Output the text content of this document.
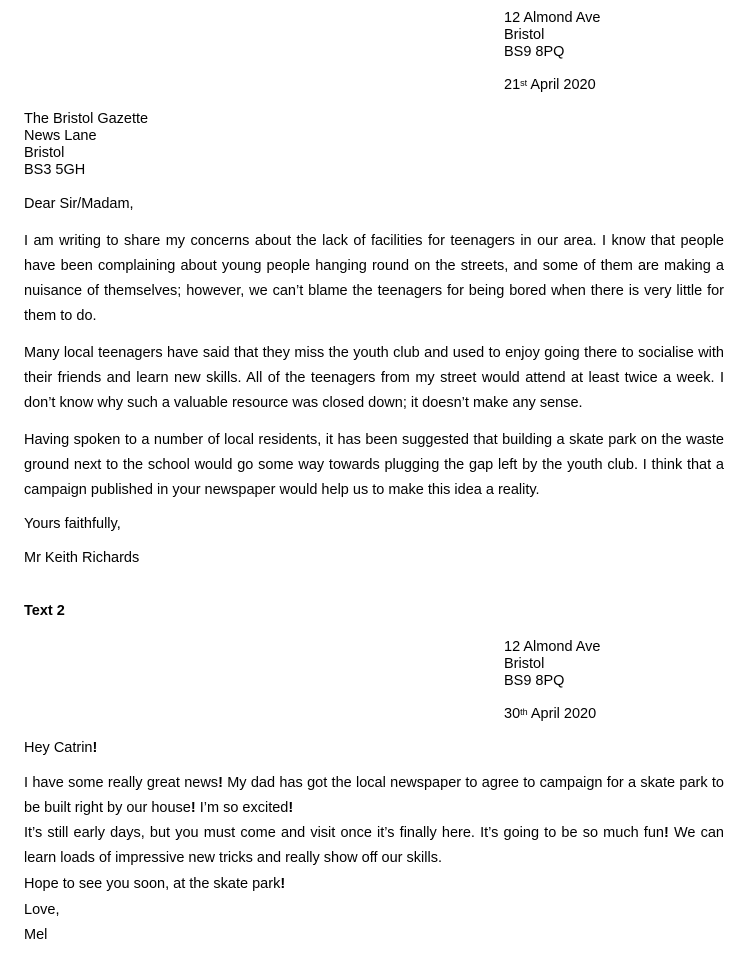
12 Almond Ave
Bristol
BS9 8PQ
21st April 2020
The Bristol Gazette
News Lane
Bristol
BS3 5GH
Dear Sir/Madam,
I am writing to share my concerns about the lack of facilities for teenagers in our area. I know that people have been complaining about young people hanging round on the streets, and some of them are making a nuisance of themselves; however, we can’t blame the teenagers for being bored when there is very little for them to do.
Many local teenagers have said that they miss the youth club and used to enjoy going there to socialise with their friends and learn new skills. All of the teenagers from my street would attend at least twice a week. I don’t know why such a valuable resource was closed down; it doesn’t make any sense.
Having spoken to a number of local residents, it has been suggested that building a skate park on the waste ground next to the school would go some way towards plugging the gap left by the youth club. I think that a campaign published in your newspaper would help us to make this idea a reality.
Yours faithfully,
Mr Keith Richards
Text 2
12 Almond Ave
Bristol
BS9 8PQ
30th April 2020
Hey Catrin!
I have some really great news! My dad has got the local newspaper to agree to campaign for a skate park to be built right by our house! I’m so excited!
It’s still early days, but you must come and visit once it’s finally here. It’s going to be so much fun! We can learn loads of impressive new tricks and really show off our skills.
Hope to see you soon, at the skate park!
Love,
Mel
